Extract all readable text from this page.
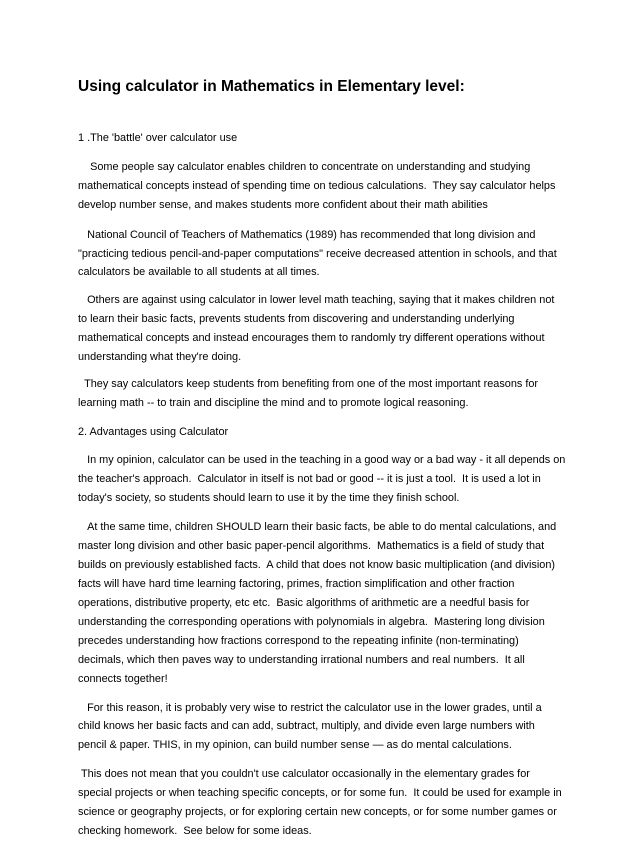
Using calculator in Mathematics in Elementary level:

1 .The 'battle' over calculator use

Some people say calculator enables children to concentrate on understanding and studying mathematical concepts instead of spending time on tedious calculations.  They say calculator helps develop number sense, and makes students more confident about their math abilities

National Council of Teachers of Mathematics (1989) has recommended that long division and "practicing tedious pencil-and-paper computations" receive decreased attention in schools, and that calculators be available to all students at all times.

Others are against using calculator in lower level math teaching, saying that it makes children not to learn their basic facts, prevents students from discovering and understanding underlying mathematical concepts and instead encourages them to randomly try different operations without understanding what they're doing.

They say calculators keep students from benefiting from one of the most important reasons for learning math -- to train and discipline the mind and to promote logical reasoning.

2. Advantages using Calculator

In my opinion, calculator can be used in the teaching in a good way or a bad way - it all depends on the teacher's approach.  Calculator in itself is not bad or good -- it is just a tool.  It is used a lot in today's society, so students should learn to use it by the time they finish school.

At the same time, children SHOULD learn their basic facts, be able to do mental calculations, and master long division and other basic paper-pencil algorithms.  Mathematics is a field of study that builds on previously established facts.  A child that does not know basic multiplication (and division) facts will have hard time learning factoring, primes, fraction simplification and other fraction operations, distributive property, etc etc.  Basic algorithms of arithmetic are a needful basis for understanding the corresponding operations with polynomials in algebra.  Mastering long division precedes understanding how fractions correspond to the repeating infinite (non-terminating) decimals, which then paves way to understanding irrational numbers and real numbers.  It all connects together!

For this reason, it is probably very wise to restrict the calculator use in the lower grades, until a child knows her basic facts and can add, subtract, multiply, and divide even large numbers with pencil & paper. THIS, in my opinion, can build number sense — as do mental calculations.

This does not mean that you couldn't use calculator occasionally in the elementary grades for special projects or when teaching specific concepts, or for some fun.  It could be used for example in science or geography projects, or for exploring certain new concepts, or for some number games or checking homework.  See below for some ideas.
